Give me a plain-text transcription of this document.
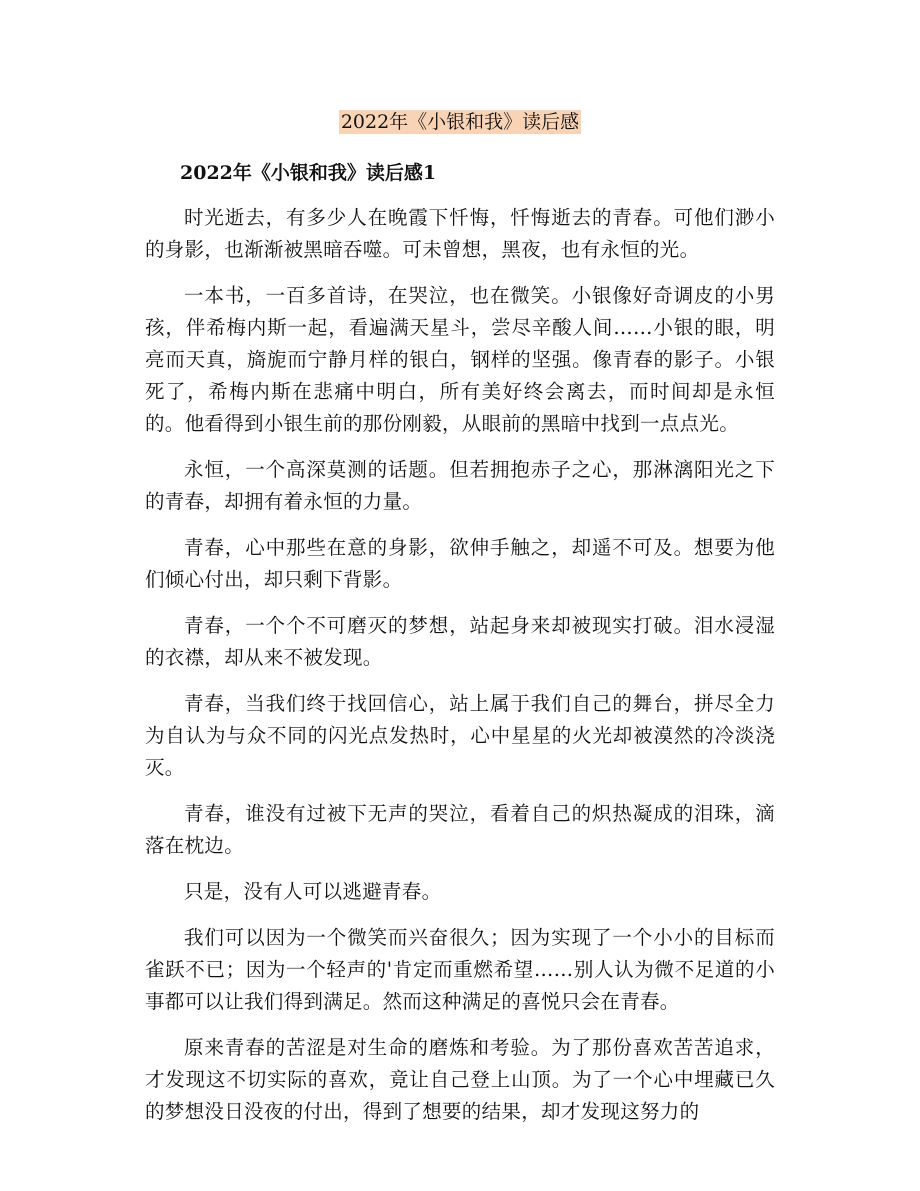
2022年《小银和我》读后感
2022年《小银和我》读后感1

时光逝去，有多少人在晚霞下忏悔，忏悔逝去的青春。可他们渺小的身影，也渐渐被黑暗吞噬。可未曾想，黑夜，也有永恒的光。

一本书，一百多首诗，在哭泣，也在微笑。小银像好奇调皮的小男孩，伴希梅内斯一起，看遍满天星斗，尝尽辛酸人间……小银的眼，明亮而天真，旖旎而宁静月样的银白，钢样的坚强。像青春的影子。小银死了，希梅内斯在悲痛中明白，所有美好终会离去，而时间却是永恒的。他看得到小银生前的那份刚毅，从眼前的黑暗中找到一点点光。

永恒，一个高深莫测的话题。但若拥抱赤子之心，那淋漓阳光之下的青春，却拥有着永恒的力量。

青春，心中那些在意的身影，欲伸手触之，却遥不可及。想要为他们倾心付出，却只剩下背影。

青春，一个个不可磨灭的梦想，站起身来却被现实打破。泪水浸湿的衣襟，却从来不被发现。

青春，当我们终于找回信心，站上属于我们自己的舞台，拼尽全力为自认为与众不同的闪光点发热时，心中星星的火光却被漠然的冷淡浇灭。

青春，谁没有过被下无声的哭泣，看着自己的炽热凝成的泪珠，滴落在枕边。

只是，没有人可以逃避青春。

我们可以因为一个微笑而兴奋很久；因为实现了一个小小的目标而雀跃不已；因为一个轻声的'肯定而重燃希望……别人认为微不足道的小事都可以让我们得到满足。然而这种满足的喜悦只会在青春。

原来青春的苦涩是对生命的磨炼和考验。为了那份喜欢苦苦追求，才发现这不切实际的喜欢，竟让自己登上山顶。为了一个心中埋藏已久的梦想没日没夜的付出，得到了想要的结果，却才发现这努力的
